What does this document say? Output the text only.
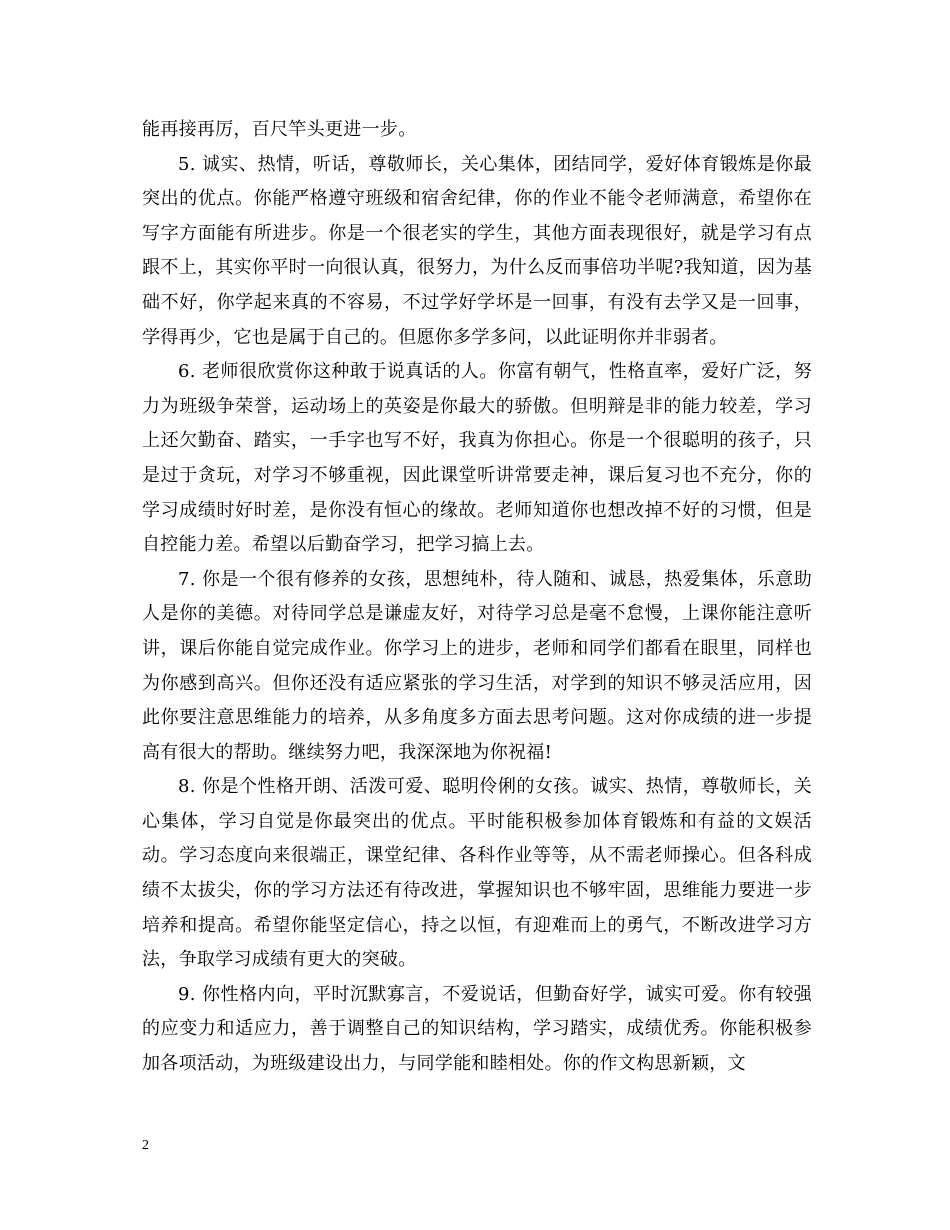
能再接再厉，百尺竿头更进一步。

5. 诚实、热情，听话，尊敬师长，关心集体，团结同学，爱好体育锻炼是你最突出的优点。你能严格遵守班级和宿舍纪律，你的作业不能令老师满意，希望你在写字方面能有所进步。你是一个很老实的学生，其他方面表现很好，就是学习有点跟不上，其实你平时一向很认真，很努力，为什么反而事倍功半呢?我知道，因为基础不好，你学起来真的不容易，不过学好学坏是一回事，有没有去学又是一回事，学得再少，它也是属于自己的。但愿你多学多问，以此证明你并非弱者。

6. 老师很欣赏你这种敢于说真话的人。你富有朝气，性格直率，爱好广泛，努力为班级争荣誉，运动场上的英姿是你最大的骄傲。但明辩是非的能力较差，学习上还欠勤奋、踏实，一手字也写不好，我真为你担心。你是一个很聪明的孩子，只是过于贪玩，对学习不够重视，因此课堂听讲常要走神，课后复习也不充分，你的学习成绩时好时差，是你没有恒心的缘故。老师知道你也想改掉不好的习惯，但是自控能力差。希望以后勤奋学习，把学习搞上去。

7. 你是一个很有修养的女孩，思想纯朴，待人随和、诚恳，热爱集体，乐意助人是你的美德。对待同学总是谦虚友好，对待学习总是毫不怠慢，上课你能注意听讲，课后你能自觉完成作业。你学习上的进步，老师和同学们都看在眼里，同样也为你感到高兴。但你还没有适应紧张的学习生活，对学到的知识不够灵活应用，因此你要注意思维能力的培养，从多角度多方面去思考问题。这对你成绩的进一步提高有很大的帮助。继续努力吧，我深深地为你祝福!

8. 你是个性格开朗、活泼可爱、聪明伶俐的女孩。诚实、热情，尊敬师长，关心集体，学习自觉是你最突出的优点。平时能积极参加体育锻炼和有益的文娱活动。学习态度向来很端正，课堂纪律、各科作业等等，从不需老师操心。但各科成绩不太拔尖，你的学习方法还有待改进，掌握知识也不够牢固，思维能力要进一步培养和提高。希望你能坚定信心，持之以恒，有迎难而上的勇气，不断改进学习方法，争取学习成绩有更大的突破。

9. 你性格内向，平时沉默寡言，不爱说话，但勤奋好学，诚实可爱。你有较强的应变力和适应力，善于调整自己的知识结构，学习踏实，成绩优秀。你能积极参加各项活动，为班级建设出力，与同学能和睦相处。你的作文构思新颖，文

2
